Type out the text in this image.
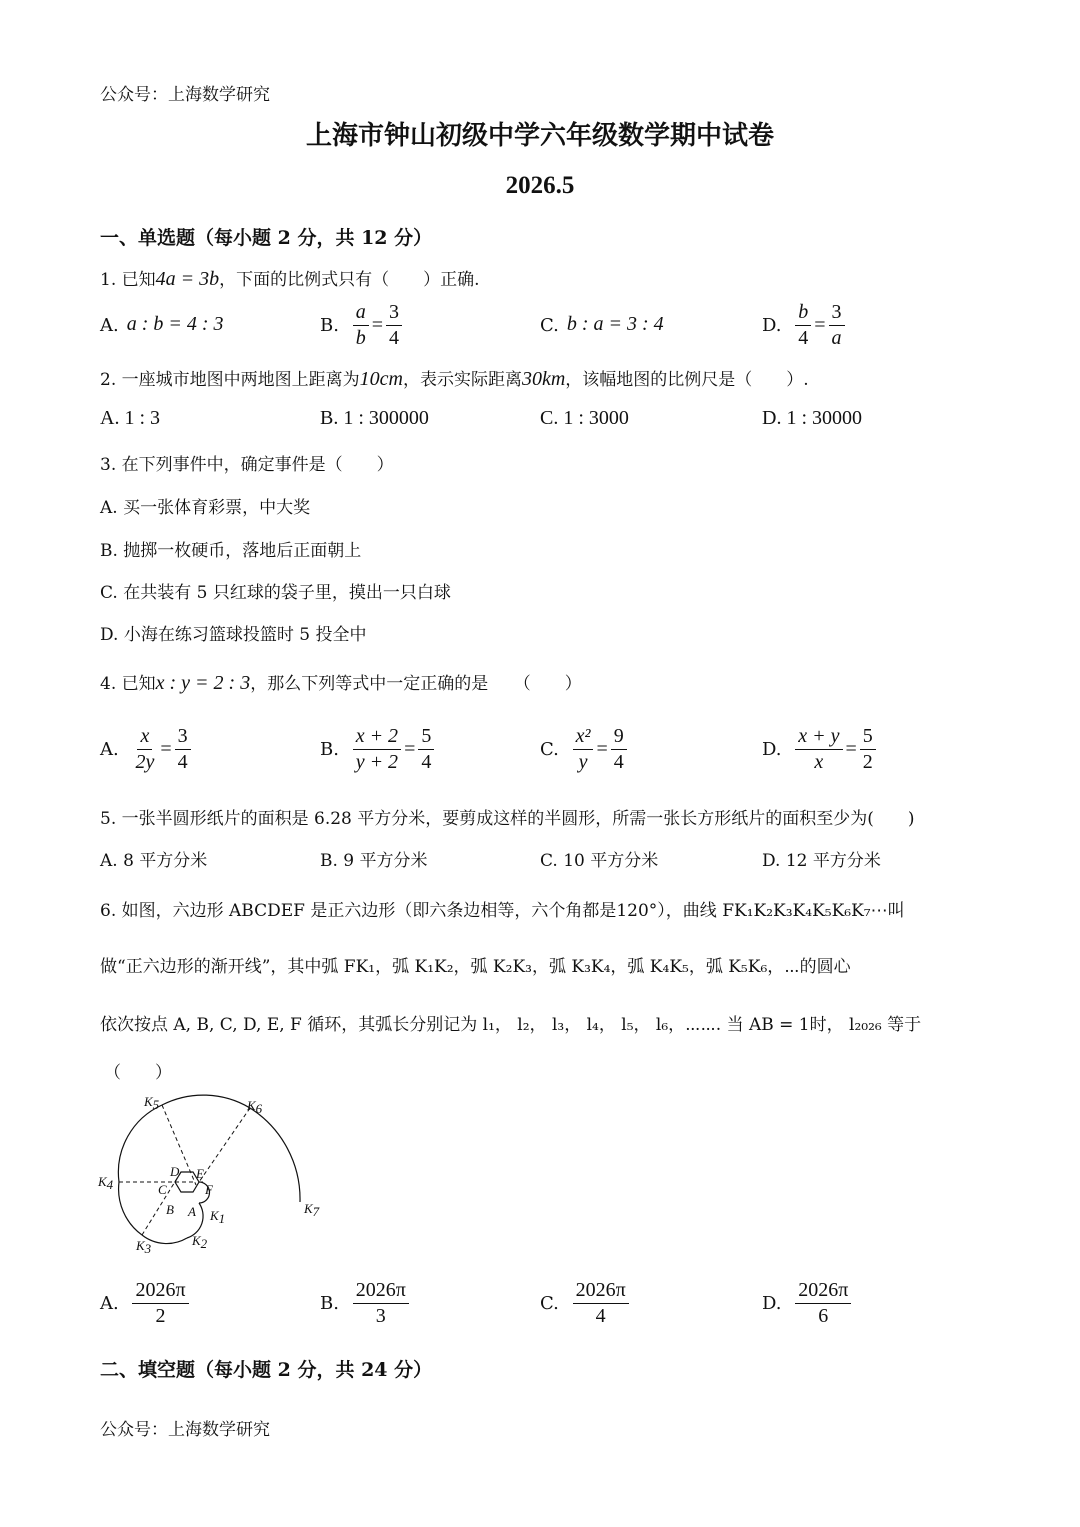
公众号：上海数学研究
上海市钟山初级中学六年级数学期中试卷
2026.5
一、单选题（每小题 2 分，共 12 分）
1. 已知4a = 3b，下面的比例式只有（　　）正确.
A. a : b = 4 : 3	B. $\frac{a}{b} = \frac{3}{4}$	C. b : a = 3 : 4	D. $\frac{b}{4} = \frac{3}{a}$
2. 一座城市地图中两地图上距离为10cm，表示实际距离30km，该幅地图的比例尺是（　　）.
A. 1 : 3	B. 1 : 300000	C. 1 : 3000	D. 1 : 30000
3. 在下列事件中，确定事件是（　　）
A. 买一张体育彩票，中大奖
B. 抛掷一枚硬币，落地后正面朝上
C. 在共装有 5 只红球的袋子里，摸出一只白球
D. 小海在练习篮球投篮时 5 投全中
4. 已知x : y = 2 : 3，那么下列等式中一定正确的是　　（　　）
A. $\frac{x}{2y} = \frac{3}{4}$	B. $\frac{x + 2}{y + 2} = \frac{5}{4}$	C. $\frac{\text{x²}}{y} = \frac{9}{4}$	D. $\frac{x + y}{x} = \frac{5}{2}$
5. 一张半圆形纸片的面积是 6.28 平方分米，要剪成这样的半圆形，所需一张长方形纸片的面积至少为(　　)
A. 8 平方分米	B. 9 平方分米	C. 10 平方分米	D. 12 平方分米
6. 如图，六边形 ABCDEF 是正六边形（即六条边相等，六个角都是120°），曲线 FK₁K₂K₃K₄K₅K₆K₇⋯叫
做“正六边形的渐开线”，其中弧 FK₁，弧 K₁K₂，弧 K₂K₃，弧 K₃K₄，弧 K₄K₅，弧 K₅K₆，⋯的圆心
依次按点 A, B, C, D, E, F 循环，其弧长分别记为 l₁， l₂， l₃， l₄， l₅， l₆，⋯⋯. 当 AB = 1时， l₂₀₂₆ 等于
（　　）
K5	K6
K4
D E
C	F
B A K1
K7
K3
K2
A. $\frac{2026\pi}{2}$	B. $\frac{2026\pi}{3}$	C. $\frac{2026\pi}{4}$	D. $\frac{2026\pi}{6}$
二、填空题（每小题 2 分，共 24 分）
公众号：上海数学研究
